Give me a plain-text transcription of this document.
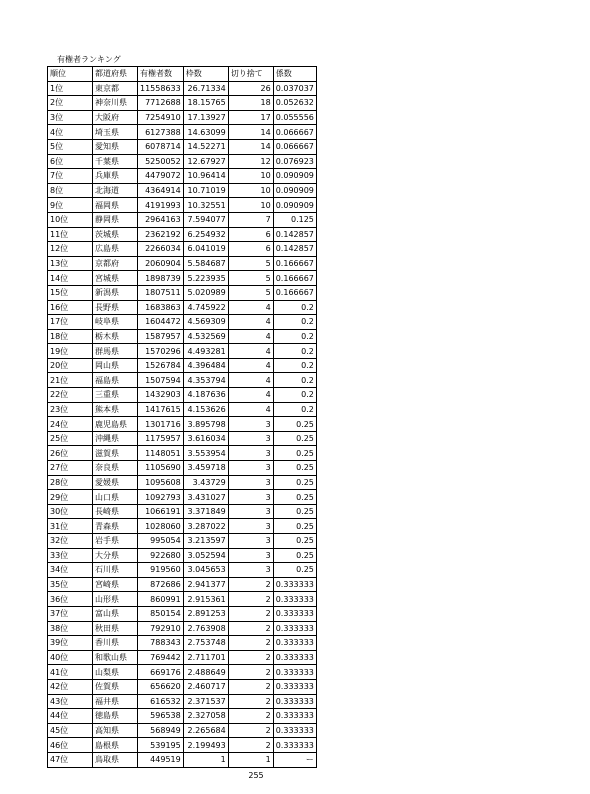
有権者ランキング
順位	都道府県	有権者数	枠数	切り捨て	係数
1位	東京都	11558633	26.71334	26	0.037037
2位	神奈川県	7712688	18.15765	18	0.052632
3位	大阪府	7254910	17.13927	17	0.055556
4位	埼玉県	6127388	14.63099	14	0.066667
5位	愛知県	6078714	14.52271	14	0.066667
6位	千葉県	5250052	12.67927	12	0.076923
7位	兵庫県	4479072	10.96414	10	0.090909
8位	北海道	4364914	10.71019	10	0.090909
9位	福岡県	4191993	10.32551	10	0.090909
10位	静岡県	2964163	7.594077	7	0.125
11位	茨城県	2362192	6.254932	6	0.142857
12位	広島県	2266034	6.041019	6	0.142857
13位	京都府	2060904	5.584687	5	0.166667
14位	宮城県	1898739	5.223935	5	0.166667
15位	新潟県	1807511	5.020989	5	0.166667
16位	長野県	1683863	4.745922	4	0.2
17位	岐阜県	1604472	4.569309	4	0.2
18位	栃木県	1587957	4.532569	4	0.2
19位	群馬県	1570296	4.493281	4	0.2
20位	岡山県	1526784	4.396484	4	0.2
21位	福島県	1507594	4.353794	4	0.2
22位	三重県	1432903	4.187636	4	0.2
23位	熊本県	1417615	4.153626	4	0.2
24位	鹿児島県	1301716	3.895798	3	0.25
25位	沖縄県	1175957	3.616034	3	0.25
26位	滋賀県	1148051	3.553954	3	0.25
27位	奈良県	1105690	3.459718	3	0.25
28位	愛媛県	1095608	3.43729	3	0.25
29位	山口県	1092793	3.431027	3	0.25
30位	長崎県	1066191	3.371849	3	0.25
31位	青森県	1028060	3.287022	3	0.25
32位	岩手県	995054	3.213597	3	0.25
33位	大分県	922680	3.052594	3	0.25
34位	石川県	919560	3.045653	3	0.25
35位	宮崎県	872686	2.941377	2	0.333333
36位	山形県	860991	2.915361	2	0.333333
37位	富山県	850154	2.891253	2	0.333333
38位	秋田県	792910	2.763908	2	0.333333
39位	香川県	788343	2.753748	2	0.333333
40位	和歌山県	769442	2.711701	2	0.333333
41位	山梨県	669176	2.488649	2	0.333333
42位	佐賀県	656620	2.460717	2	0.333333
43位	福井県	616532	2.371537	2	0.333333
44位	徳島県	596538	2.327058	2	0.333333
45位	高知県	568949	2.265684	2	0.333333
46位	島根県	539195	2.199493	2	0.333333
47位	鳥取県	449519	1	1	ー
255
